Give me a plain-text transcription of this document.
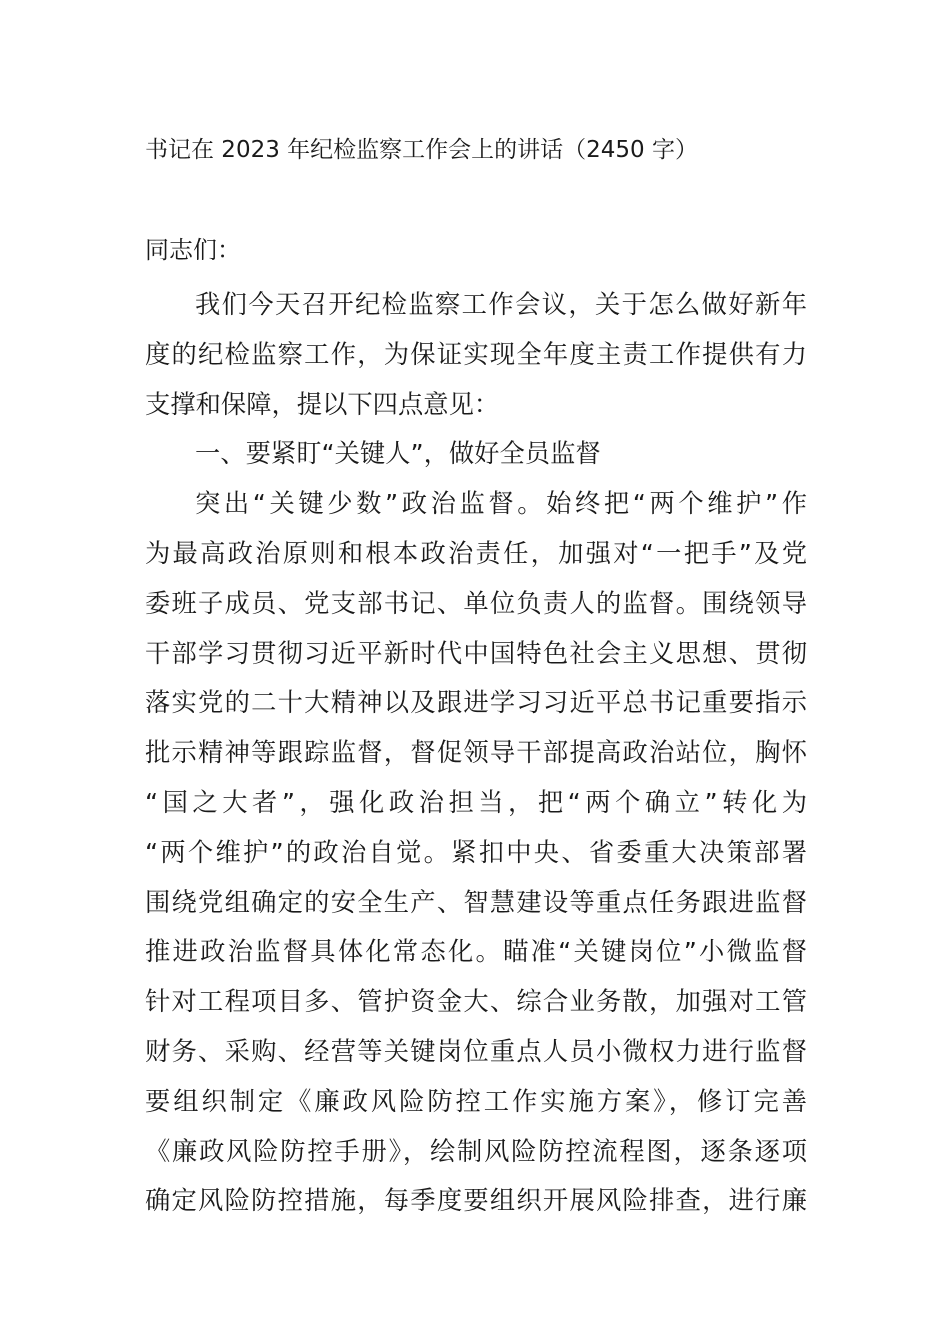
书记在 2023 年纪检监察工作会上的讲话（2450 字）
同志们：
我们今天召开纪检监察工作会议，关于怎么做好新年
度的纪检监察工作，为保证实现全年度主责工作提供有力
支撑和保障，提以下四点意见：
一、要紧盯“关键人”，做好全员监督
突出“关键少数”政治监督。始终把“两个维护”作
为最高政治原则和根本政治责任，加强对“一把手”及党
委班子成员、党支部书记、单位负责人的监督。围绕领导
干部学习贯彻习近平新时代中国特色社会主义思想、贯彻
落实党的二十大精神以及跟进学习习近平总书记重要指示
批示精神等跟踪监督，督促领导干部提高政治站位，胸怀
“国之大者”，强化政治担当，把“两个确立”转化为
“两个维护”的政治自觉。紧扣中央、省委重大决策部署
围绕党组确定的安全生产、智慧建设等重点任务跟进监督
推进政治监督具体化常态化。瞄准“关键岗位”小微监督
针对工程项目多、管护资金大、综合业务散，加强对工管
财务、采购、经营等关键岗位重点人员小微权力进行监督
要组织制定《廉政风险防控工作实施方案》，修订完善
《廉政风险防控手册》，绘制风险防控流程图，逐条逐项
确定风险防控措施，每季度要组织开展风险排查，进行廉
